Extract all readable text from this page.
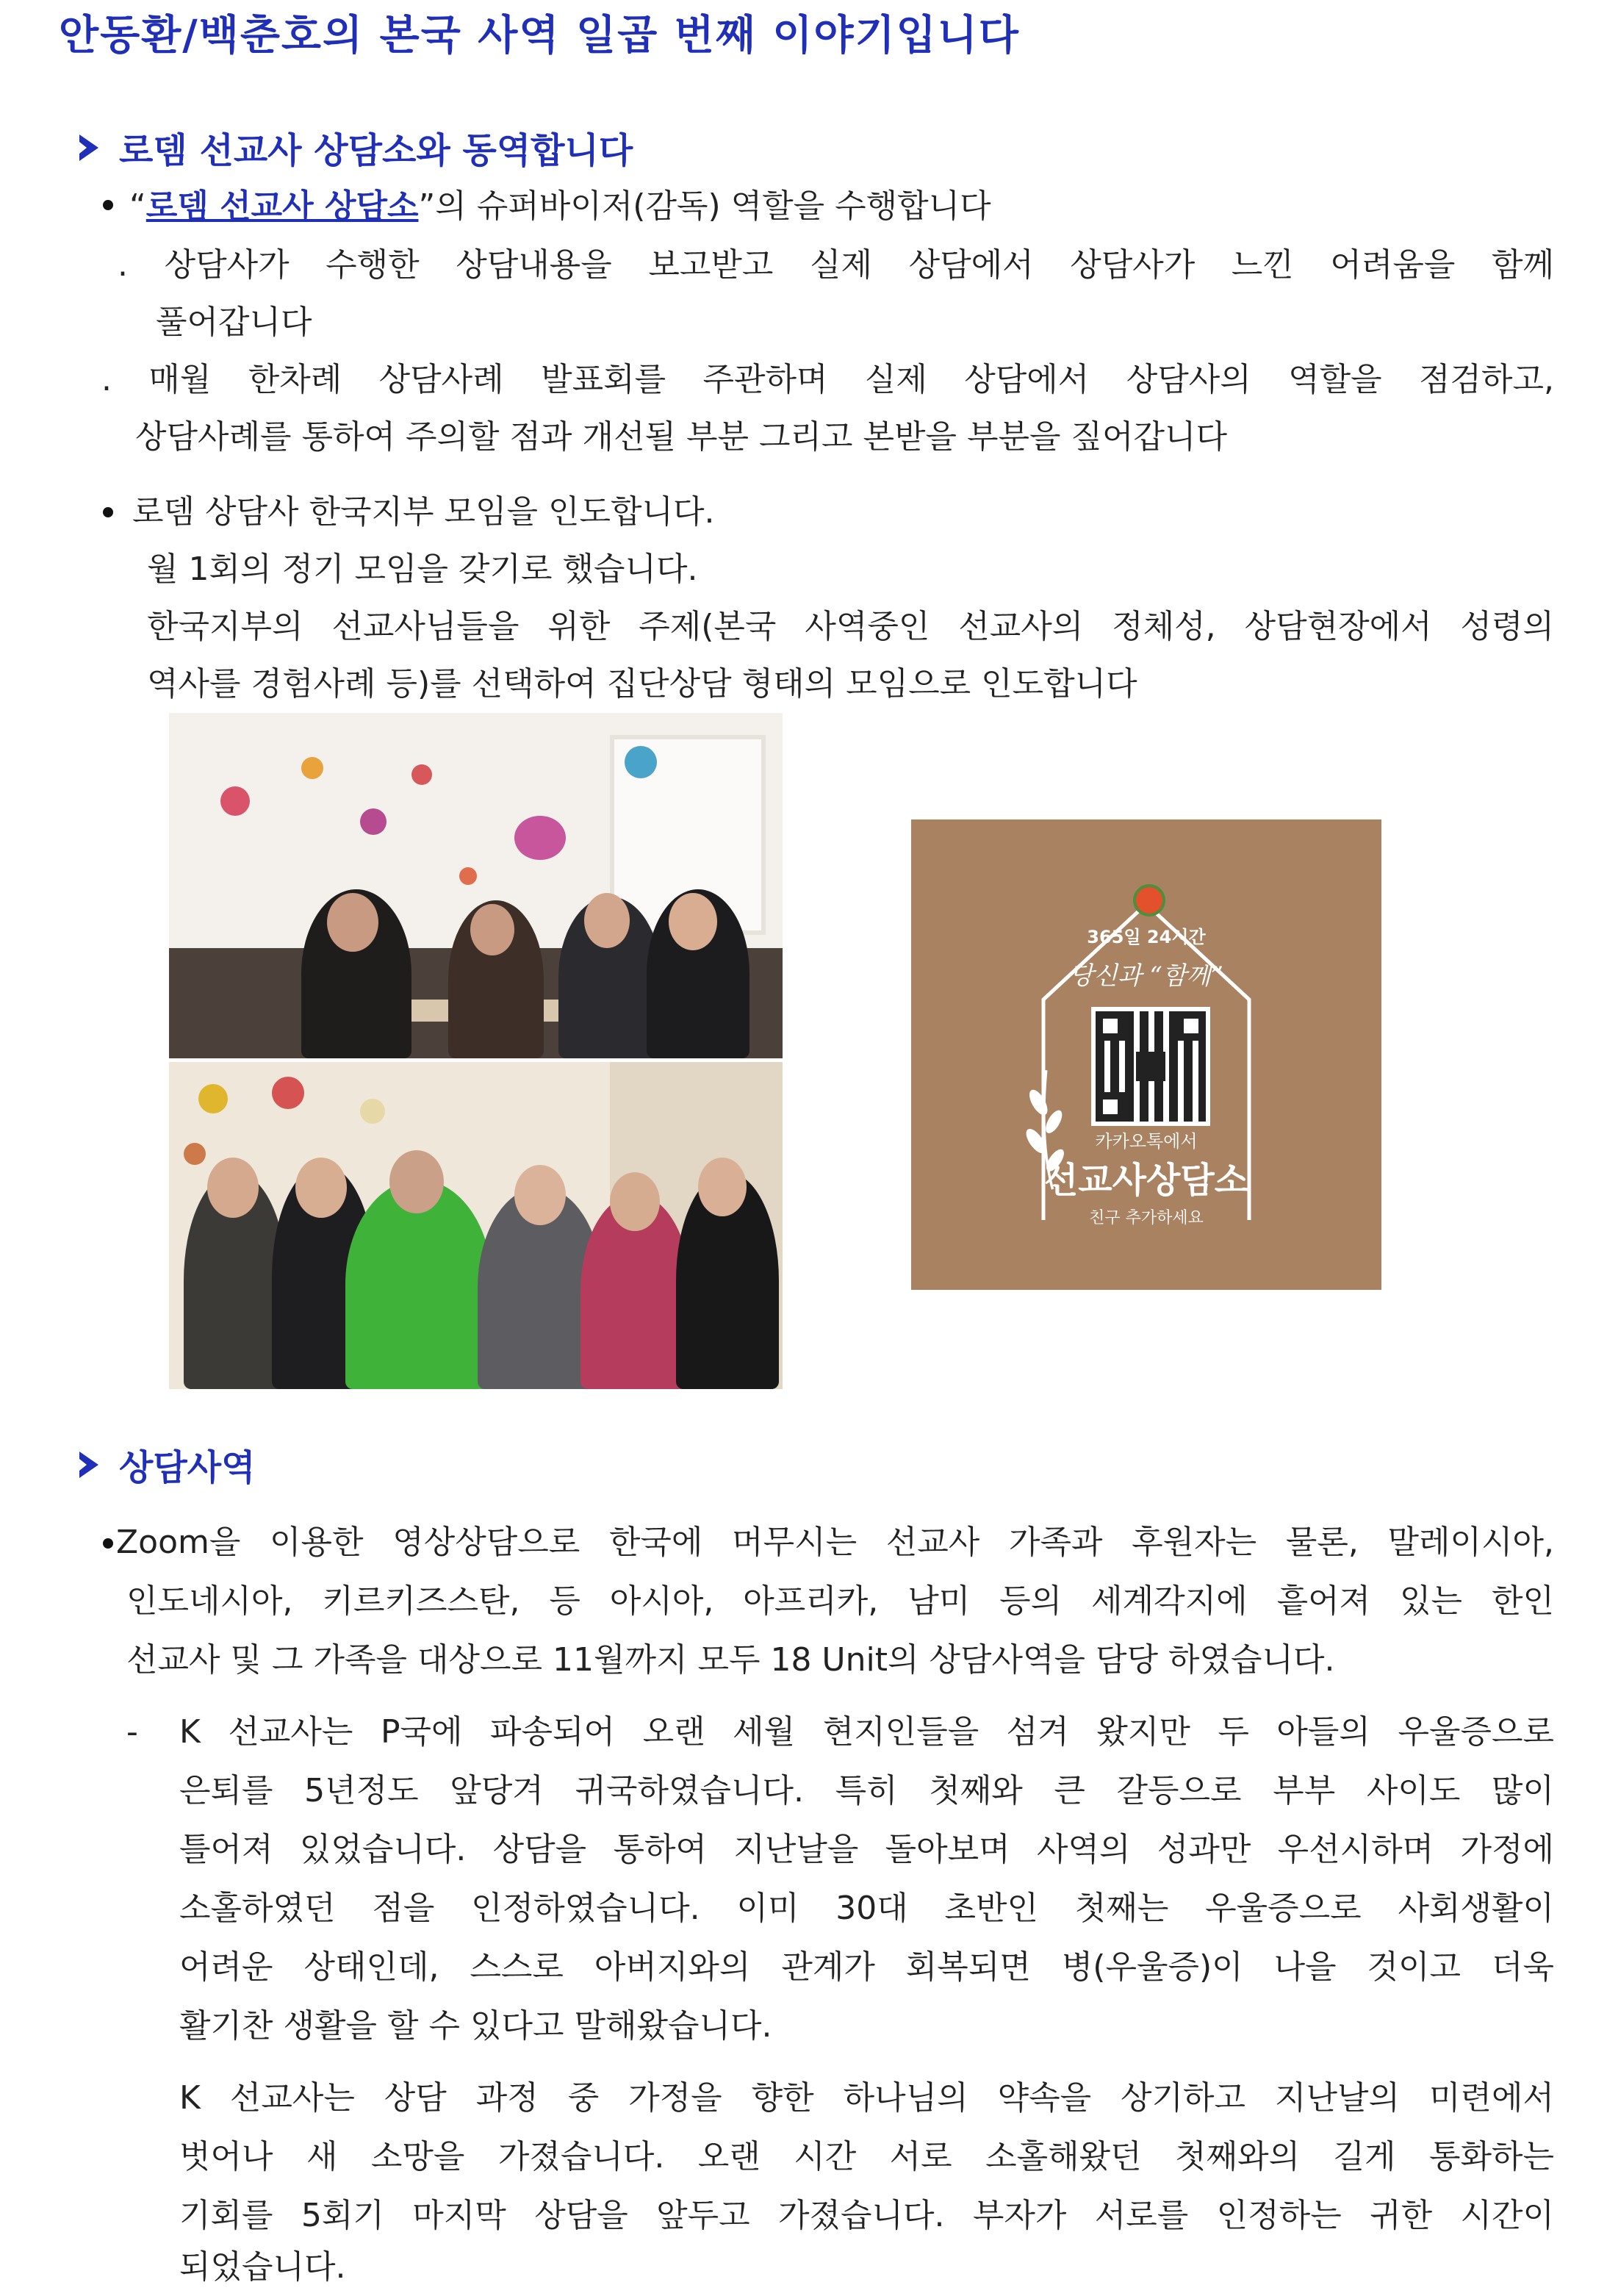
안동환/백춘호의 본국 사역 일곱 번째 이야기입니다
로뎀 선교사 상담소와 동역합니다
“로뎀 선교사 상담소”의 슈퍼바이저(감독) 역할을 수행합니다
. 상담사가 수행한 상담내용을 보고받고 실제 상담에서 상담사가 느낀 어려움을 함께
풀어갑니다
. 매월 한차례 상담사례 발표회를 주관하며 실제 상담에서 상담사의 역할을 점검하고,
상담사례를 통하여 주의할 점과 개선될 부분 그리고 본받을 부분을 짚어갑니다
로뎀 상담사 한국지부 모임을 인도합니다.
월 1회의 정기 모임을 갖기로 했습니다.
한국지부의 선교사님들을 위한 주제(본국 사역중인 선교사의 정체성, 상담현장에서 성령의
역사를 경험사례 등)를 선택하여 집단상담 형태의 모임으로 인도합니다
365일 24시간
당신과 “함께”
카카오톡에서
선교사상담소
친구 추가하세요
상담사역
Zoom을 이용한 영상상담으로 한국에 머무시는 선교사 가족과 후원자는 물론, 말레이시아,
인도네시아, 키르키즈스탄, 등 아시아, 아프리카, 남미 등의 세계각지에 흩어져 있는 한인
선교사 및 그 가족을 대상으로 11월까지 모두 18 Unit의 상담사역을 담당 하였습니다.
- K 선교사는 P국에 파송되어 오랜 세월 현지인들을 섬겨 왔지만 두 아들의 우울증으로
은퇴를 5년정도 앞당겨 귀국하였습니다. 특히 첫째와 큰 갈등으로 부부 사이도 많이
틀어져 있었습니다. 상담을 통하여 지난날을 돌아보며 사역의 성과만 우선시하며 가정에
소홀하였던 점을 인정하였습니다. 이미 30대 초반인 첫째는 우울증으로 사회생활이
어려운 상태인데, 스스로 아버지와의 관계가 회복되면 병(우울증)이 나을 것이고 더욱
활기찬 생활을 할 수 있다고 말해왔습니다.
K 선교사는 상담 과정 중 가정을 향한 하나님의 약속을 상기하고 지난날의 미련에서
벗어나 새 소망을 가졌습니다. 오랜 시간 서로 소홀해왔던 첫째와의 길게 통화하는
기회를 5회기 마지막 상담을 앞두고 가졌습니다. 부자가 서로를 인정하는 귀한 시간이
되었습니다.
